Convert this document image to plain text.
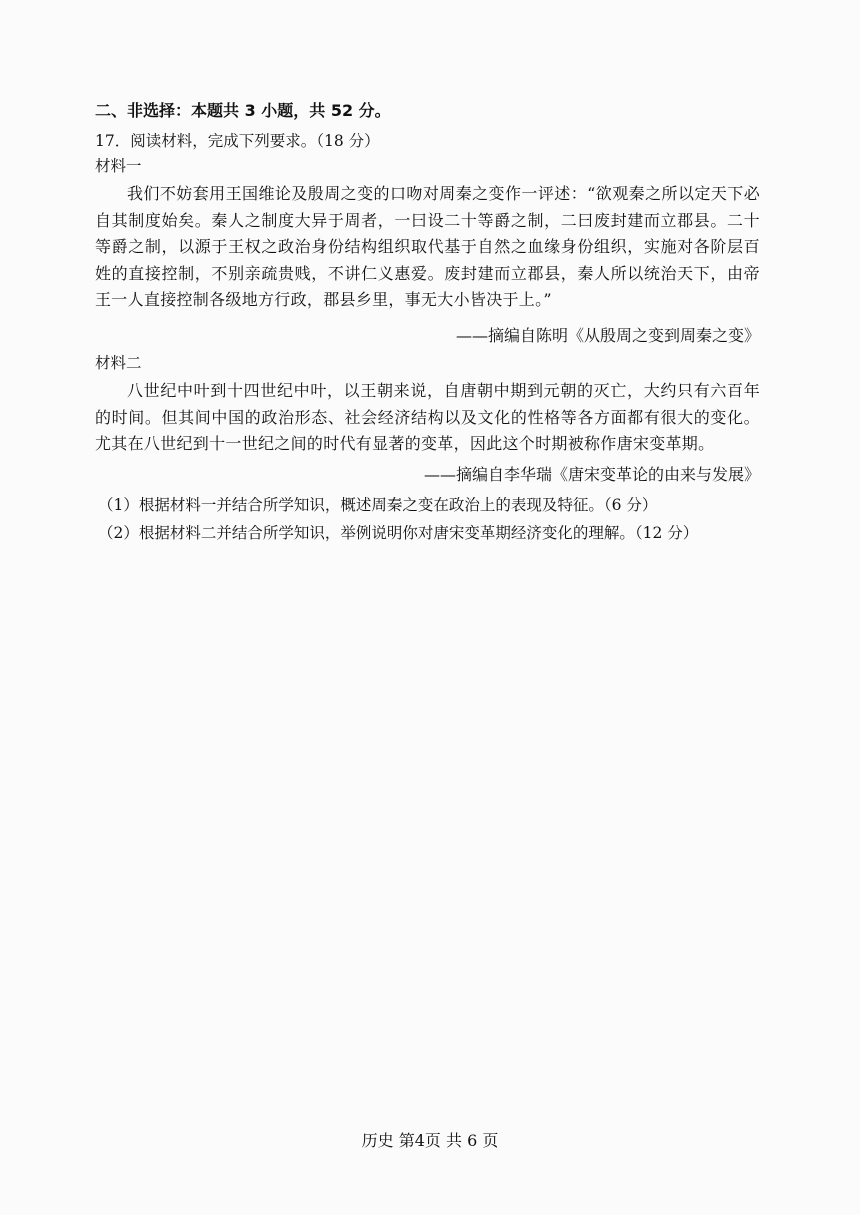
二、非选择：本题共 3 小题，共 52 分。
17．阅读材料，完成下列要求。（18 分）
材料一
我们不妨套用王国维论及殷周之变的口吻对周秦之变作一评述：“欲观秦之所以定天下必自其制度始矣。秦人之制度大异于周者，一曰设二十等爵之制，二曰废封建而立郡县。二十等爵之制，以源于王权之政治身份结构组织取代基于自然之血缘身份组织，实施对各阶层百姓的直接控制，不别亲疏贵贱，不讲仁义惠爱。废封建而立郡县，秦人所以统治天下，由帝王一人直接控制各级地方行政，郡县乡里，事无大小皆决于上。”
——摘编自陈明《从殷周之变到周秦之变》
材料二
八世纪中叶到十四世纪中叶，以王朝来说，自唐朝中期到元朝的灭亡，大约只有六百年的时间。但其间中国的政治形态、社会经济结构以及文化的性格等各方面都有很大的变化。尤其在八世纪到十一世纪之间的时代有显著的变革，因此这个时期被称作唐宋变革期。
——摘编自李华瑞《唐宋变革论的由来与发展》
（1）根据材料一并结合所学知识，概述周秦之变在政治上的表现及特征。（6 分）
（2）根据材料二并结合所学知识，举例说明你对唐宋变革期经济变化的理解。（12 分）
历史 第4页 共 6 页
